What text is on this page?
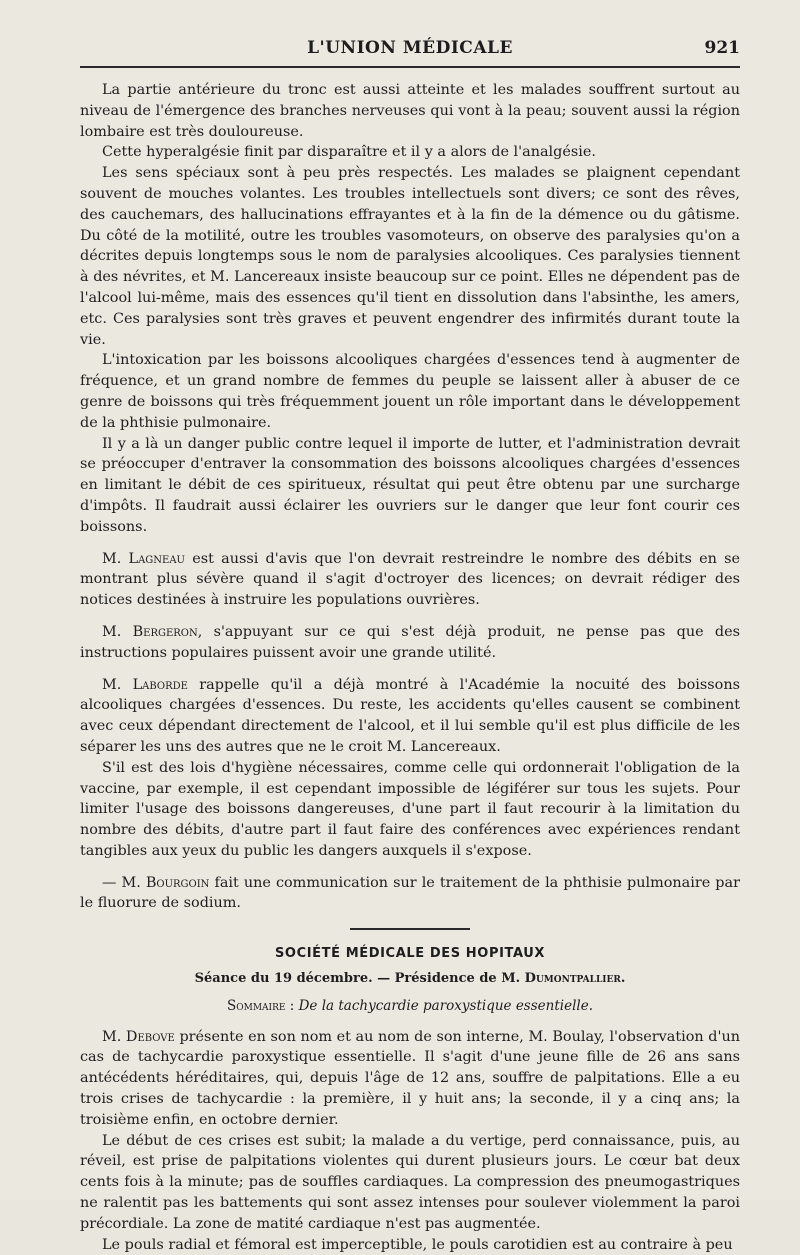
L'UNION MÉDICALE	921

La partie antérieure du tronc est aussi atteinte et les malades souffrent surtout au niveau de l'émergence des branches nerveuses qui vont à la peau; souvent aussi la région lombaire est très douloureuse.

Cette hyperalgésie finit par disparaître et il y a alors de l'analgésie.

Les sens spéciaux sont à peu près respectés. Les malades se plaignent cependant souvent de mouches volantes. Les troubles intellectuels sont divers; ce sont des rêves, des cauchemars, des hallucinations effrayantes et à la fin de la démence ou du gâtisme. Du côté de la motilité, outre les troubles vasomoteurs, on observe des paralysies qu'on a décrites depuis longtemps sous le nom de paralysies alcooliques. Ces paralysies tiennent à des névrites, et M. Lancereaux insiste beaucoup sur ce point. Elles ne dépendent pas de l'alcool lui-même, mais des essences qu'il tient en dissolution dans l'absinthe, les amers, etc. Ces paralysies sont très graves et peuvent engendrer des infirmités durant toute la vie.

L'intoxication par les boissons alcooliques chargées d'essences tend à augmenter de fréquence, et un grand nombre de femmes du peuple se laissent aller à abuser de ce genre de boissons qui très fréquemment jouent un rôle important dans le développement de la phthisie pulmonaire.

Il y a là un danger public contre lequel il importe de lutter, et l'administration devrait se préoccuper d'entraver la consommation des boissons alcooliques chargées d'essences en limitant le débit de ces spiritueux, résultat qui peut être obtenu par une surcharge d'impôts. Il faudrait aussi éclairer les ouvriers sur le danger que leur font courir ces boissons.

M. Lagneau est aussi d'avis que l'on devrait restreindre le nombre des débits en se montrant plus sévère quand il s'agit d'octroyer des licences; on devrait rédiger des notices destinées à instruire les populations ouvrières.

M. Bergeron, s'appuyant sur ce qui s'est déjà produit, ne pense pas que des instructions populaires puissent avoir une grande utilité.

M. Laborde rappelle qu'il a déjà montré à l'Académie la nocuité des boissons alcooliques chargées d'essences. Du reste, les accidents qu'elles causent se combinent avec ceux dépendant directement de l'alcool, et il lui semble qu'il est plus difficile de les séparer les uns des autres que ne le croit M. Lancereaux.

S'il est des lois d'hygiène nécessaires, comme celle qui ordonnerait l'obligation de la vaccine, par exemple, il est cependant impossible de légiférer sur tous les sujets. Pour limiter l'usage des boissons dangereuses, d'une part il faut recourir à la limitation du nombre des débits, d'autre part il faut faire des conférences avec expériences rendant tangibles aux yeux du public les dangers auxquels il s'expose.

— M. Bourgoin fait une communication sur le traitement de la phthisie pulmonaire par le fluorure de sodium.

SOCIÉTÉ MÉDICALE DES HOPITAUX
Séance du 19 décembre. — Présidence de M. Dumontpallier.
Sommaire : De la tachycardie paroxystique essentielle.

M. Debove présente en son nom et au nom de son interne, M. Boulay, l'observation d'un cas de tachycardie paroxystique essentielle. Il s'agit d'une jeune fille de 26 ans sans antécédents héréditaires, qui, depuis l'âge de 12 ans, souffre de palpitations. Elle a eu trois crises de tachycardie : la première, il y huit ans; la seconde, il y a cinq ans; la troisième enfin, en octobre dernier.

Le début de ces crises est subit; la malade a du vertige, perd connaissance, puis, au réveil, est prise de palpitations violentes qui durent plusieurs jours. Le cœur bat deux cents fois à la minute; pas de souffles cardiaques. La compression des pneumogastriques ne ralentit pas les battements qui sont assez intenses pour soulever violemment la paroi précordiale. La zone de matité cardiaque n'est pas augmentée.

Le pouls radial et fémoral est imperceptible, le pouls carotidien est au contraire à peu
